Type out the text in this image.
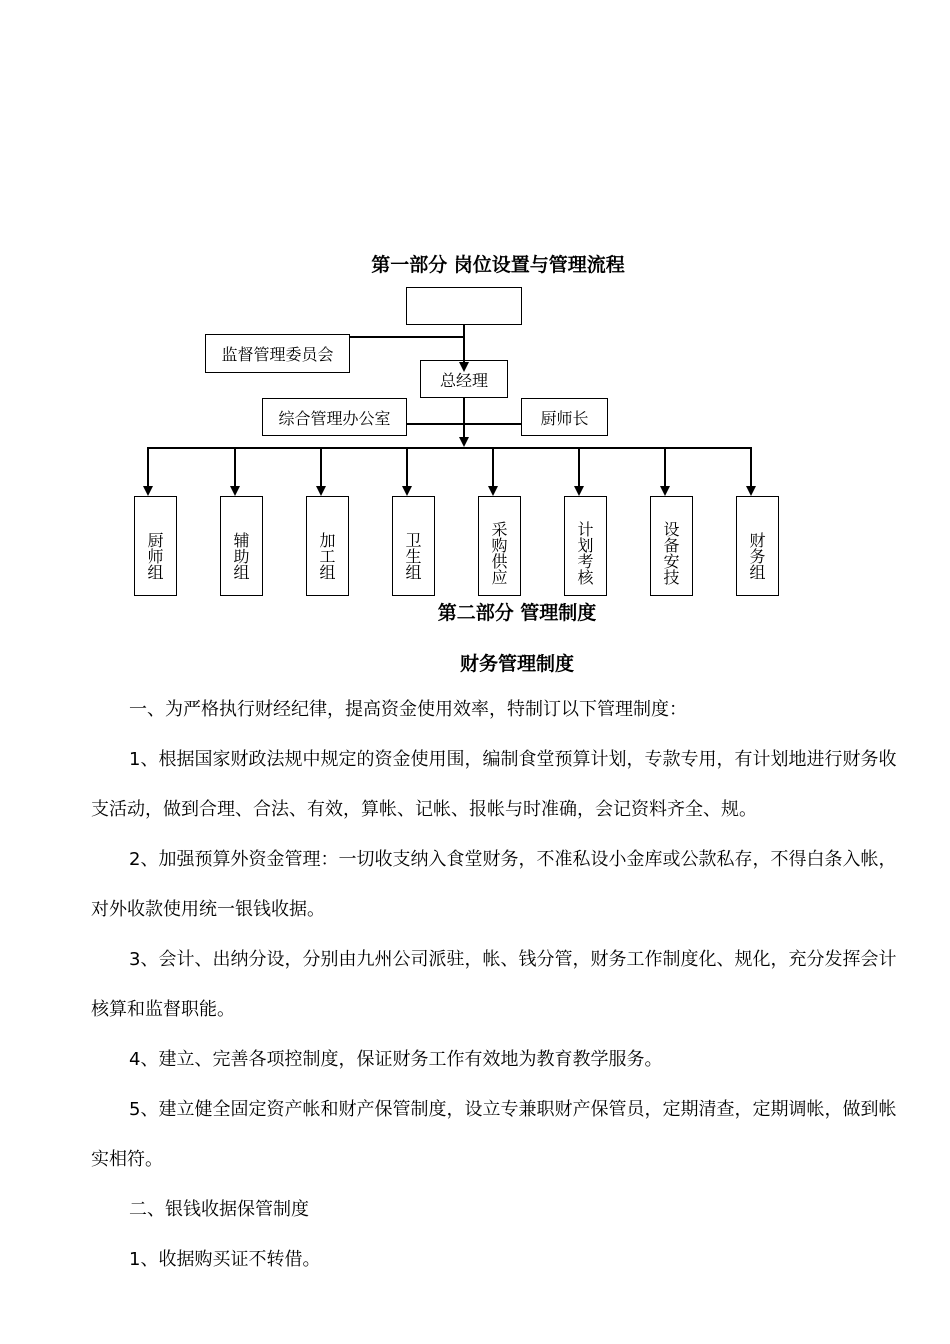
第一部分 岗位设置与管理流程
监督管理委员会
总经理
综合管理办公室	厨师长
厨师组	辅助组	加工组	卫生组	采购供应	计划考核	设备安技	财务组
第二部分 管理制度
财务管理制度
一、为严格执行财经纪律，提高资金使用效率，特制订以下管理制度：
1、根据国家财政法规中规定的资金使用围，编制食堂预算计划，专款专用，有计划地进行财务收支活动，做到合理、合法、有效，算帐、记帐、报帐与时准确，会记资料齐全、规。
2、加强预算外资金管理：一切收支纳入食堂财务，不准私设小金库或公款私存，不得白条入帐，对外收款使用统一银钱收据。
3、会计、出纳分设，分别由九州公司派驻，帐、钱分管，财务工作制度化、规化，充分发挥会计核算和监督职能。
4、建立、完善各项控制度，保证财务工作有效地为教育教学服务。
5、建立健全固定资产帐和财产保管制度，设立专兼职财产保管员，定期清查，定期调帐，做到帐实相符。
二、银钱收据保管制度
1、收据购买证不转借。
